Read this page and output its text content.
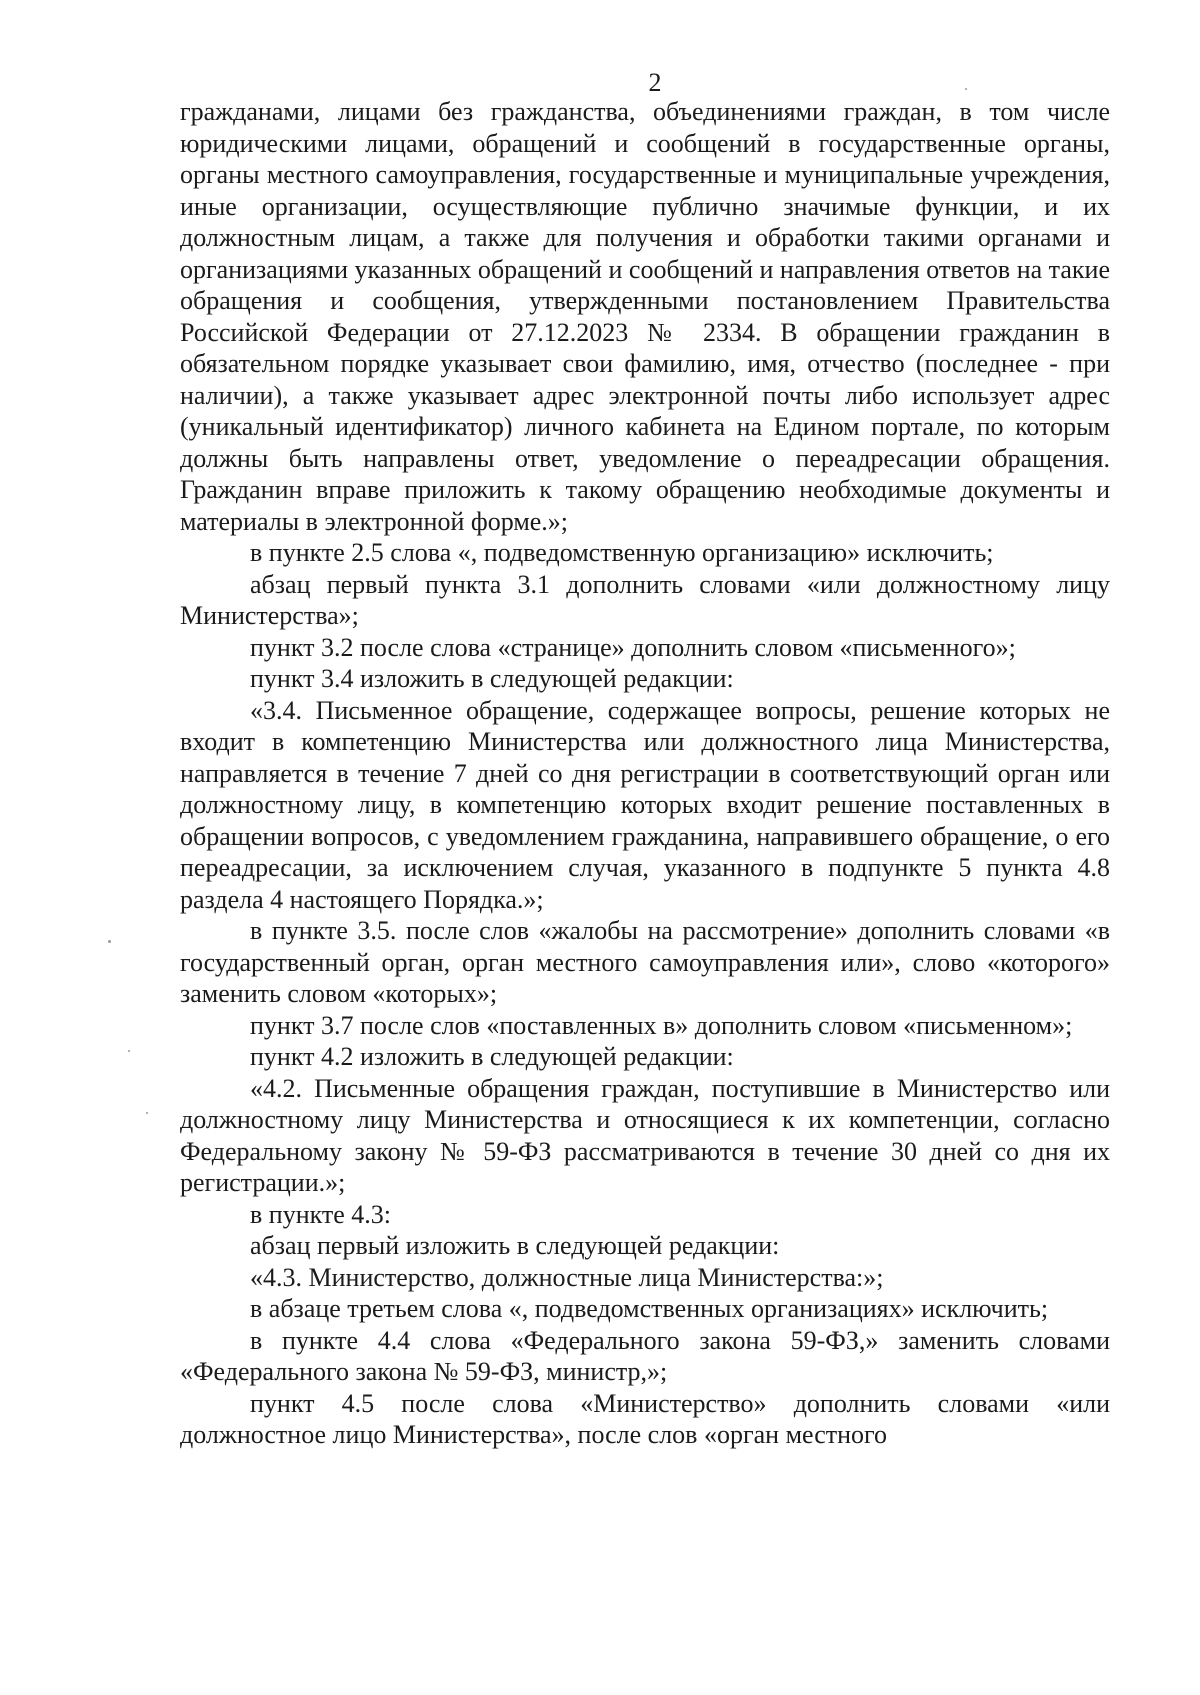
2

гражданами, лицами без гражданства, объединениями граждан, в том числе юридическими лицами, обращений и сообщений в государственные органы, органы местного самоуправления, государственные и муниципальные учреждения, иные организации, осуществляющие публично значимые функции, и их должностным лицам, а также для получения и обработки такими органами и организациями указанных обращений и сообщений и направления ответов на такие обращения и сообщения, утвержденными постановлением Правительства Российской Федерации от 27.12.2023 № 2334. В обращении гражданин в обязательном порядке указывает свои фамилию, имя, отчество (последнее - при наличии), а также указывает адрес электронной почты либо использует адрес (уникальный идентификатор) личного кабинета на Едином портале, по которым должны быть направлены ответ, уведомление о переадресации обращения. Гражданин вправе приложить к такому обращению необходимые документы и материалы в электронной форме.»;

в пункте 2.5 слова «, подведомственную организацию» исключить;

абзац первый пункта 3.1 дополнить словами «или должностному лицу Министерства»;

пункт 3.2 после слова «странице» дополнить словом «письменного»;

пункт 3.4 изложить в следующей редакции:

«3.4. Письменное обращение, содержащее вопросы, решение которых не входит в компетенцию Министерства или должностного лица Министерства, направляется в течение 7 дней со дня регистрации в соответствующий орган или должностному лицу, в компетенцию которых входит решение поставленных в обращении вопросов, с уведомлением гражданина, направившего обращение, о его переадресации, за исключением случая, указанного в подпункте 5 пункта 4.8 раздела 4 настоящего Порядка.»;

в пункте 3.5. после слов «жалобы на рассмотрение» дополнить словами «в государственный орган, орган местного самоуправления или», слово «которого» заменить словом «которых»;

пункт 3.7 после слов «поставленных в» дополнить словом «письменном»;

пункт 4.2 изложить в следующей редакции:

«4.2. Письменные обращения граждан, поступившие в Министерство или должностному лицу Министерства и относящиеся к их компетенции, согласно Федеральному закону № 59-ФЗ рассматриваются в течение 30 дней со дня их регистрации.»;

в пункте 4.3:

абзац первый изложить в следующей редакции:

«4.3. Министерство, должностные лица Министерства:»;

в абзаце третьем слова «, подведомственных организациях» исключить;

в пункте 4.4 слова «Федерального закона 59-ФЗ,» заменить словами «Федерального закона № 59-ФЗ, министр,»;

пункт 4.5 после слова «Министерство» дополнить словами «или должностное лицо Министерства», после слов «орган местного
